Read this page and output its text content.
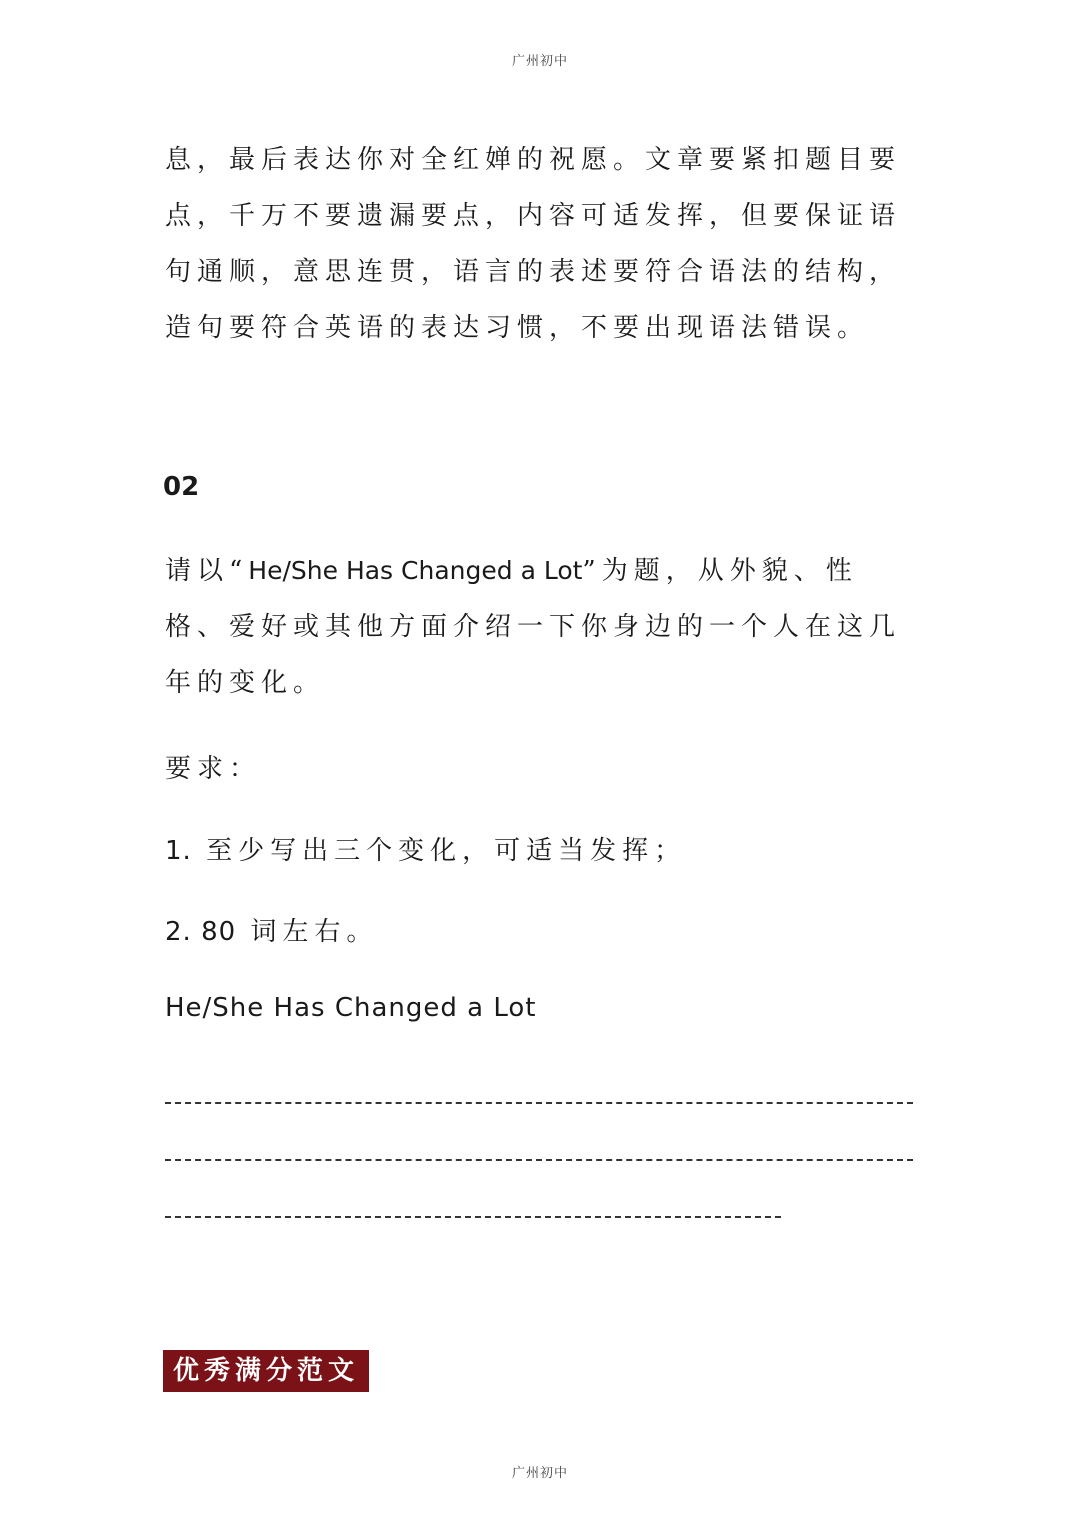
广州初中

息，最后表达你对全红婵的祝愿。文章要紧扣题目要

点，千万不要遗漏要点，内容可适发挥，但要保证语

句通顺，意思连贯，语言的表述要符合语法的结构，

造句要符合英语的表达习惯，不要出现语法错误。

02

请以“He/She Has Changed a Lot”为题，从外貌、性

格、爱好或其他方面介绍一下你身边的一个人在这几

年的变化。

要求：
1. 至少写出三个变化，可适当发挥；
2. 80 词左右。
He/She Has Changed a Lot
优秀满分范文
广州初中
